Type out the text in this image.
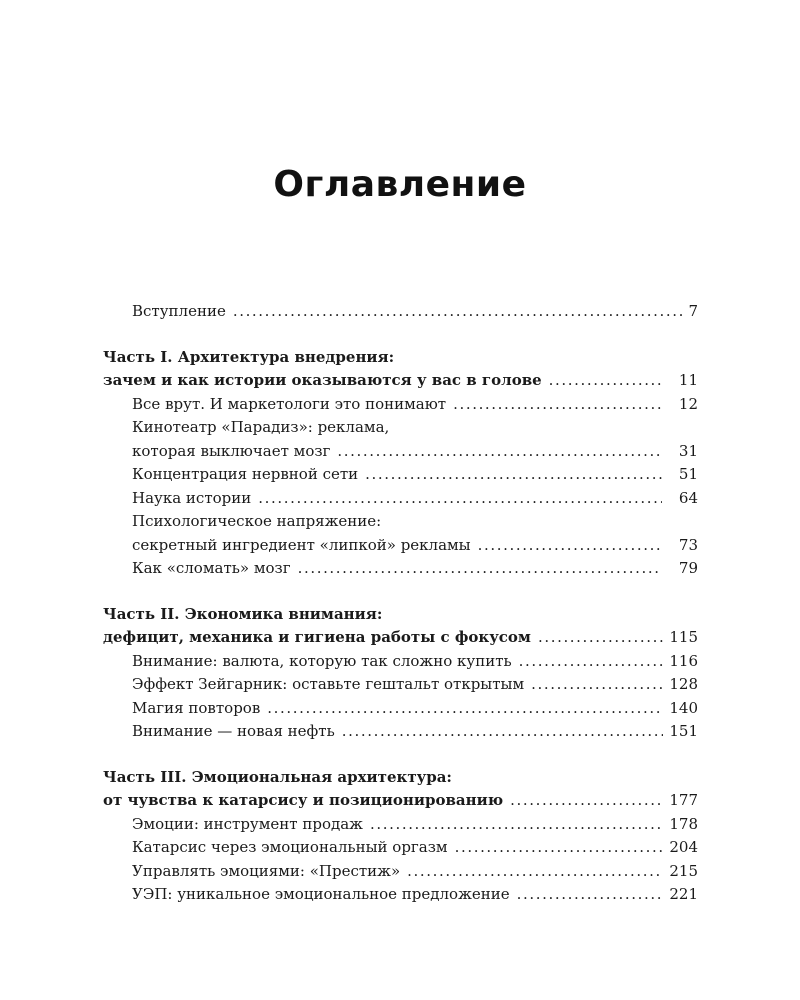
Оглавление
Вступление .....	7
Часть I. Архитектура внедрения:
зачем и как истории оказываются у вас в голове .....	11
Все врут. И маркетологи это понимают .....	12
Кинотеатр «Парадиз»: реклама,
которая выключает мозг .....	31
Концентрация нервной сети .....	51
Наука истории .....	64
Психологическое напряжение:
секретный ингредиент «липкой» рекламы .....	73
Как «сломать» мозг .....	79
Часть II. Экономика внимания:
дефицит, механика и гигиена работы с фокусом .....	115
Внимание: валюта, которую так сложно купить .....	116
Эффект Зейгарник: оставьте гештальт открытым .....	128
Магия повторов .....	140
Внимание — новая нефть .....	151
Часть III. Эмоциональная архитектура:
от чувства к катарсису и позиционированию .....	177
Эмоции: инструмент продаж .....	178
Катарсис через эмоциональный оргазм .....	204
Управлять эмоциями: «Престиж» .....	215
УЭП: уникальное эмоциональное предложение .....	221
